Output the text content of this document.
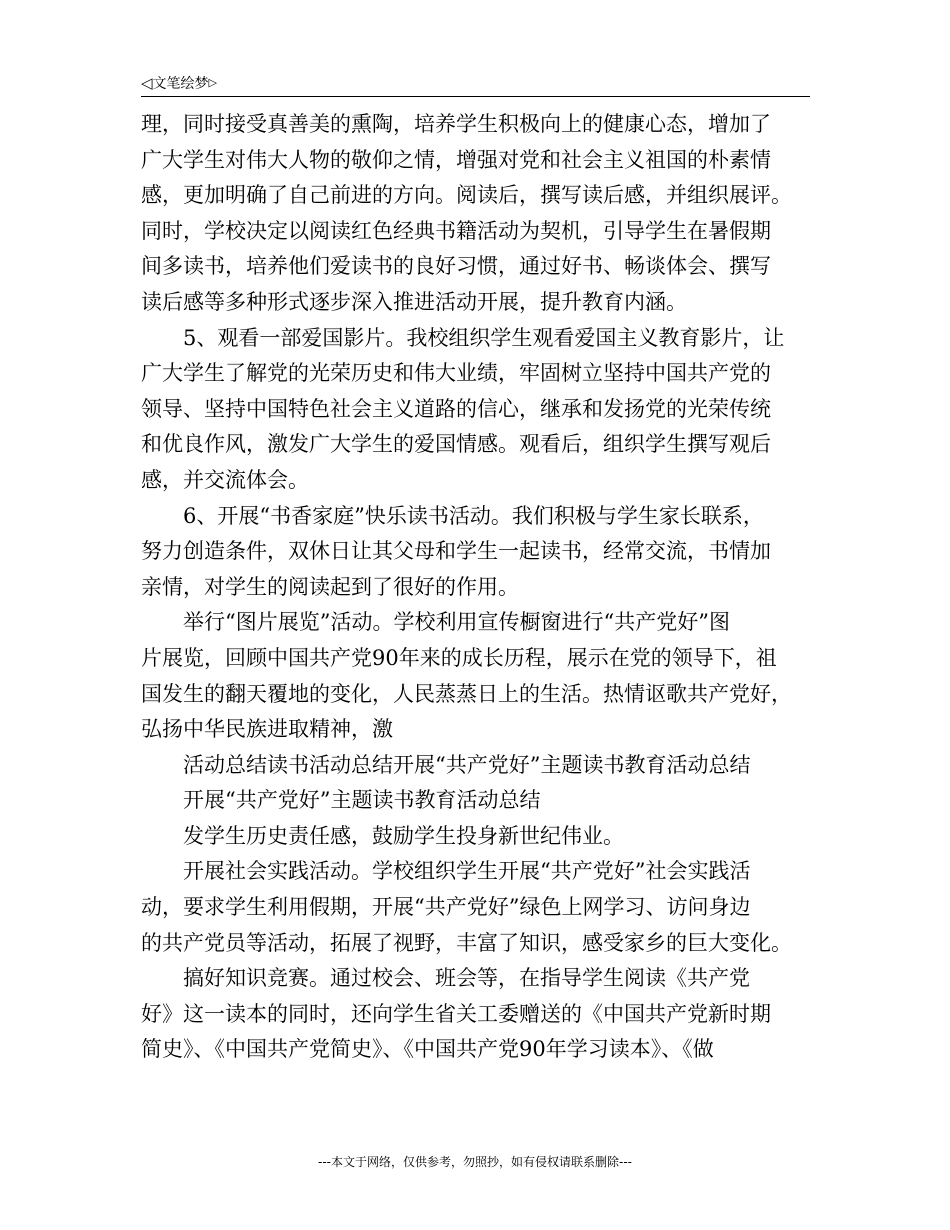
◁文笔绘梦▷
理，同时接受真善美的熏陶，培养学生积极向上的健康心态，增加了
广大学生对伟大人物的敬仰之情，增强对党和社会主义祖国的朴素情
感，更加明确了自己前进的方向。阅读后，撰写读后感，并组织展评。
同时，学校决定以阅读红色经典书籍活动为契机，引导学生在暑假期
间多读书，培养他们爱读书的良好习惯，通过好书、畅谈体会、撰写
读后感等多种形式逐步深入推进活动开展，提升教育内涵。
5、观看一部爱国影片。我校组织学生观看爱国主义教育影片，让
广大学生了解党的光荣历史和伟大业绩，牢固树立坚持中国共产党的
领导、坚持中国特色社会主义道路的信心，继承和发扬党的光荣传统
和优良作风，激发广大学生的爱国情感。观看后，组织学生撰写观后
感，并交流体会。
6、开展“书香家庭”快乐读书活动。我们积极与学生家长联系，
努力创造条件，双休日让其父母和学生一起读书，经常交流，书情加
亲情，对学生的阅读起到了很好的作用。
举行“图片展览”活动。学校利用宣传橱窗进行“共产党好”图
片展览，回顾中国共产党90年来的成长历程，展示在党的领导下，祖
国发生的翻天覆地的变化，人民蒸蒸日上的生活。热情讴歌共产党好，
弘扬中华民族进取精神，激
活动总结读书活动总结开展“共产党好”主题读书教育活动总结
开展“共产党好”主题读书教育活动总结
发学生历史责任感，鼓励学生投身新世纪伟业。
开展社会实践活动。学校组织学生开展“共产党好”社会实践活
动，要求学生利用假期，开展“共产党好”绿色上网学习、访问身边
的共产党员等活动，拓展了视野，丰富了知识，感受家乡的巨大变化。
搞好知识竞赛。通过校会、班会等，在指导学生阅读《共产党
好》这一读本的同时，还向学生省关工委赠送的《中国共产党新时期
简史》、《中国共产党简史》、《中国共产党90年学习读本》、《做
---本文于网络，仅供参考，勿照抄，如有侵权请联系删除---
